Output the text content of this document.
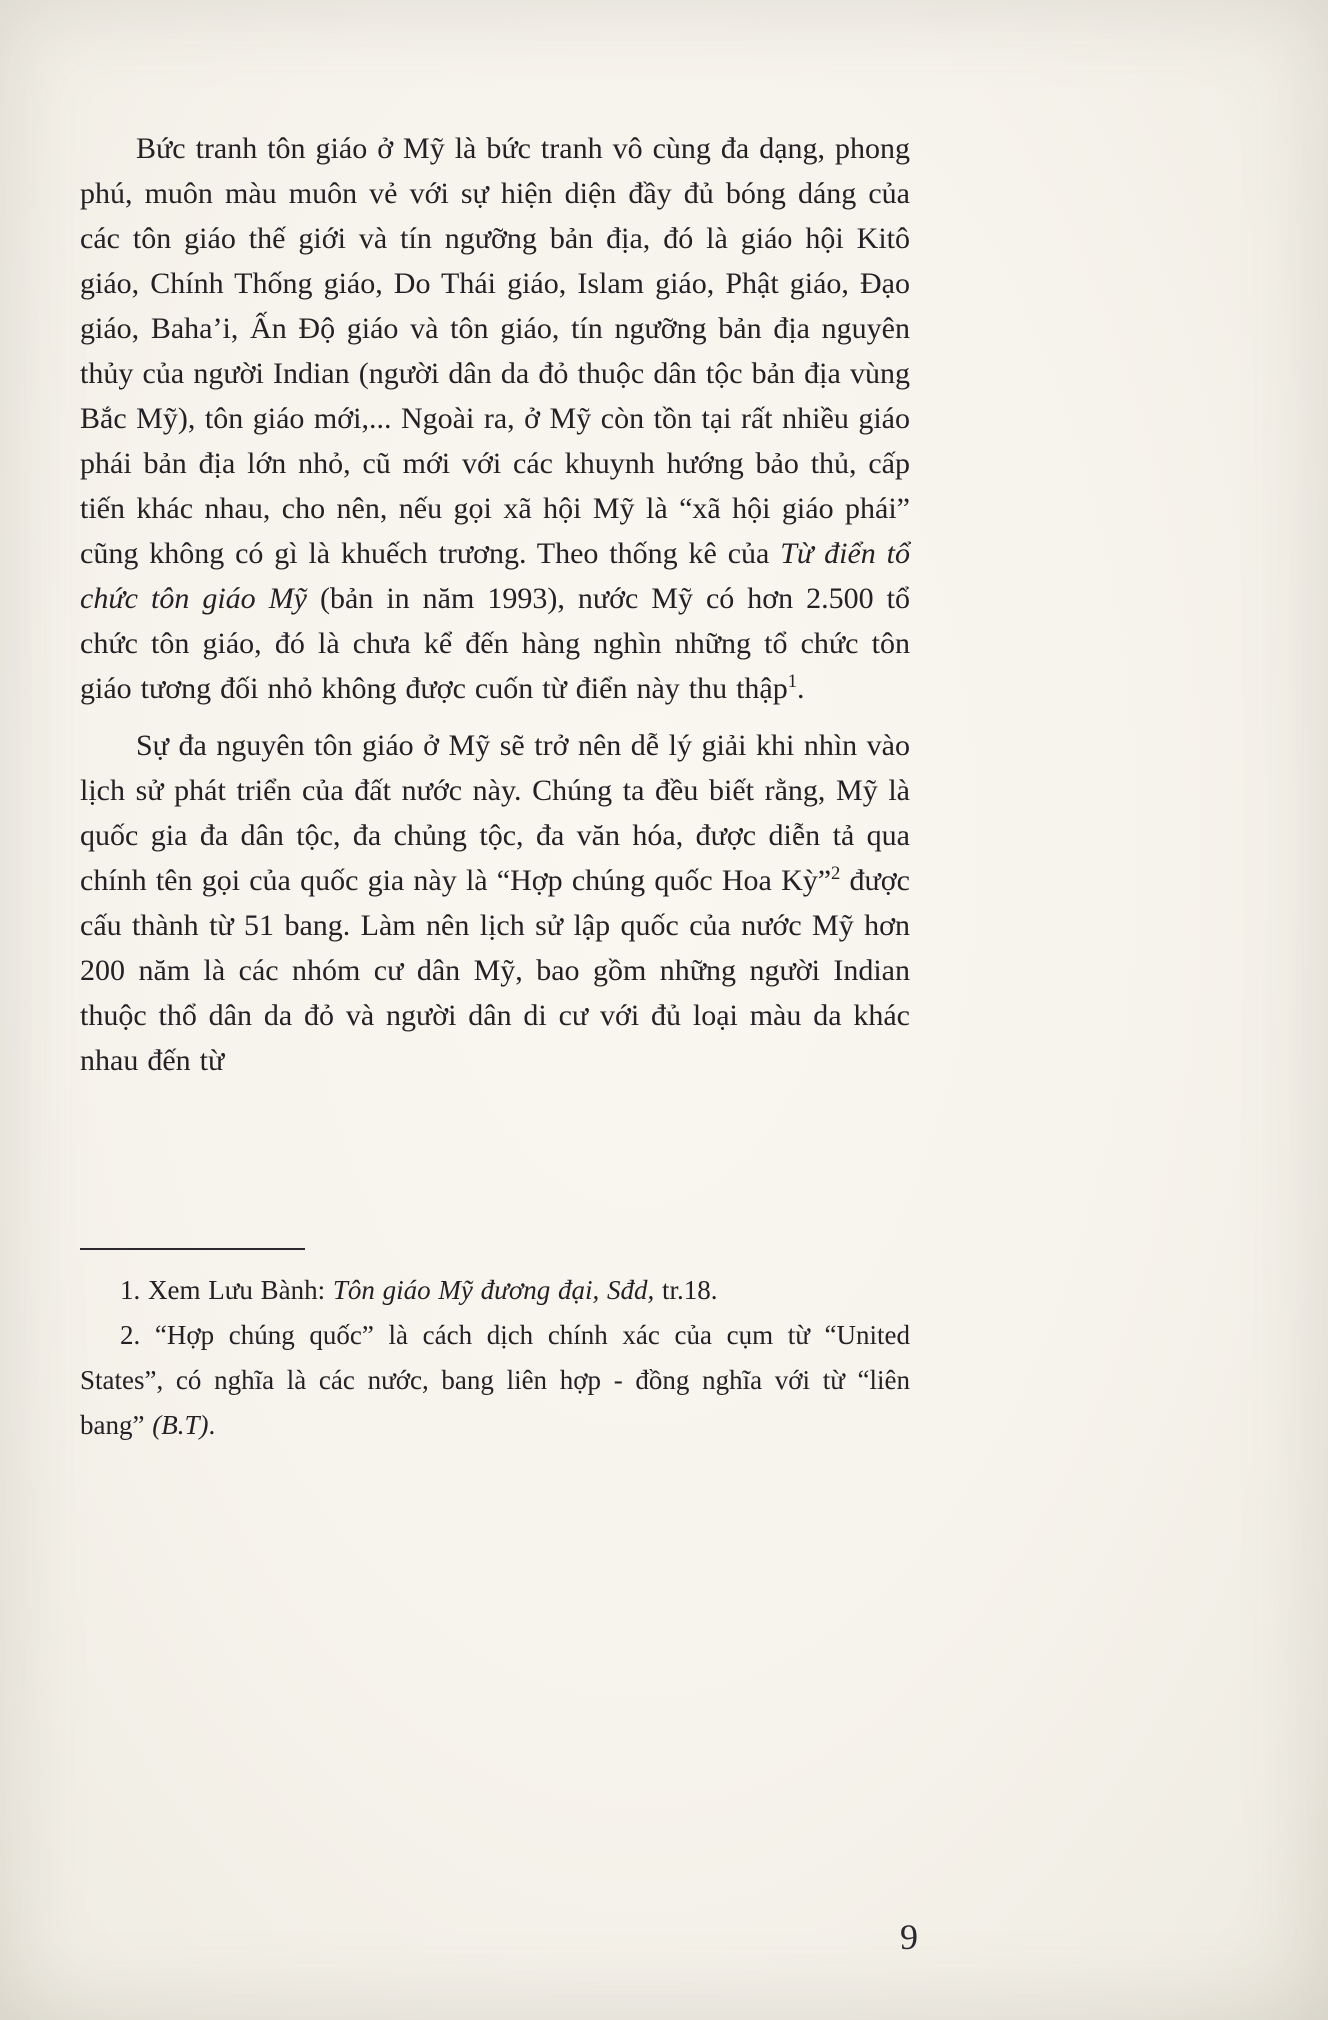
Bức tranh tôn giáo ở Mỹ là bức tranh vô cùng đa dạng, phong phú, muôn màu muôn vẻ với sự hiện diện đầy đủ bóng dáng của các tôn giáo thế giới và tín ngưỡng bản địa, đó là giáo hội Kitô giáo, Chính Thống giáo, Do Thái giáo, Islam giáo, Phật giáo, Đạo giáo, Baha’i, Ấn Độ giáo và tôn giáo, tín ngưỡng bản địa nguyên thủy của người Indian (người dân da đỏ thuộc dân tộc bản địa vùng Bắc Mỹ), tôn giáo mới,... Ngoài ra, ở Mỹ còn tồn tại rất nhiều giáo phái bản địa lớn nhỏ, cũ mới với các khuynh hướng bảo thủ, cấp tiến khác nhau, cho nên, nếu gọi xã hội Mỹ là “xã hội giáo phái” cũng không có gì là khuếch trương. Theo thống kê của Từ điển tổ chức tôn giáo Mỹ (bản in năm 1993), nước Mỹ có hơn 2.500 tổ chức tôn giáo, đó là chưa kể đến hàng nghìn những tổ chức tôn giáo tương đối nhỏ không được cuốn từ điển này thu thập$^1$.

Sự đa nguyên tôn giáo ở Mỹ sẽ trở nên dễ lý giải khi nhìn vào lịch sử phát triển của đất nước này. Chúng ta đều biết rằng, Mỹ là quốc gia đa dân tộc, đa chủng tộc, đa văn hóa, được diễn tả qua chính tên gọi của quốc gia này là “Hợp chúng quốc Hoa Kỳ”$^2$ được cấu thành từ 51 bang. Làm nên lịch sử lập quốc của nước Mỹ hơn 200 năm là các nhóm cư dân Mỹ, bao gồm những người Indian thuộc thổ dân da đỏ và người dân di cư với đủ loại màu da khác nhau đến từ

1. Xem Lưu Bành: Tôn giáo Mỹ đương đại, Sđd, tr.18.

2. “Hợp chúng quốc” là cách dịch chính xác của cụm từ “United States”, có nghĩa là các nước, bang liên hợp - đồng nghĩa với từ “liên bang” (B.T).

9
